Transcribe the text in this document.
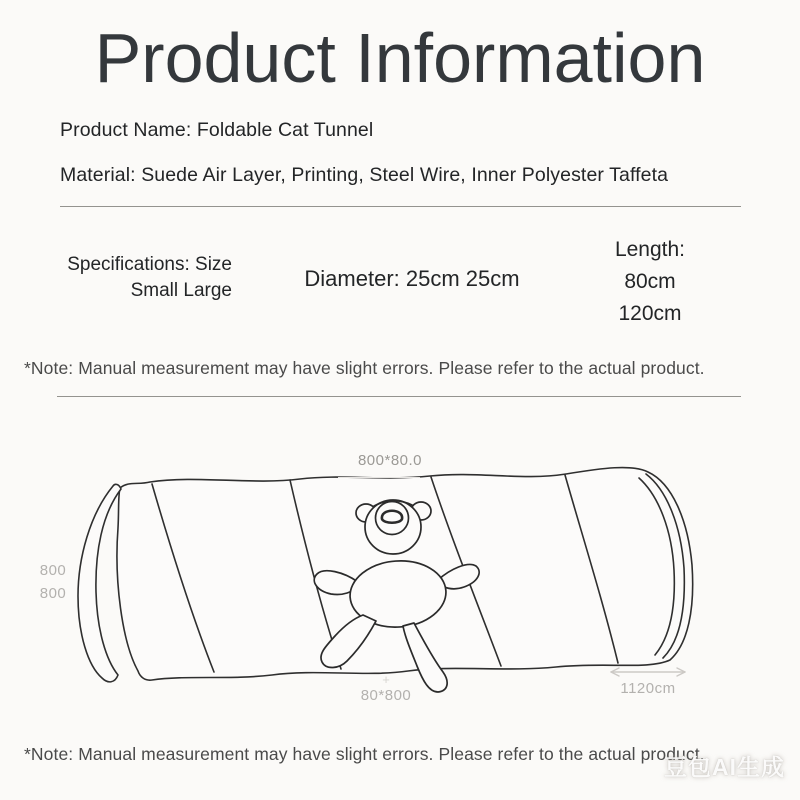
Product Information
Product Name: Foldable Cat Tunnel
Material: Suede Air Layer, Printing, Steel Wire, Inner Polyester Taffeta
Specifications: Size
Small Large	Diameter: 25cm 25cm
Length:
80cm
120cm
*Note: Manual measurement may have slight errors. Please refer to the actual product.
800*80.0
800
800
+
80*800	1120cm
*Note: Manual measurement may have slight errors. Please refer to the actual product.
豆包AI生成
